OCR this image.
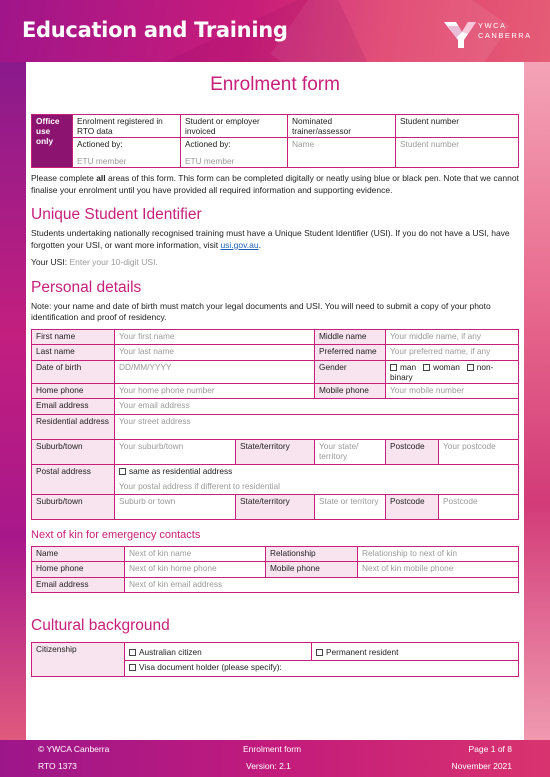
Education and Training	YWCA
CANBERRA
Enrolment form
Office use only	Enrolment registered in RTO data	Student or employer invoiced	Nominated trainer/assessor	Student number
	Actioned by:	Actioned by:	Name	Student number
	ETU member	ETU member		

Please complete all areas of this form. This form can be completed digitally or neatly using blue or black pen. Note that we cannot finalise your enrolment until you have provided all required information and supporting evidence.

Unique Student Identifier

Students undertaking nationally recognised training must have a Unique Student Identifier (USI). If you do not have a USI, have forgotten your USI, or want more information, visit usi.gov.au.

Your USI: Enter your 10-digit USI.

Personal details

Note: your name and date of birth must match your legal documents and USI. You will need to submit a copy of your photo identification and proof of residency.

First name	Your first name		Middle name	Your middle name, if any	
Last name	Your last name		Preferred name	Your preferred name, if any	
Date of birth	DD/MM/YYYY		Gender	man woman non-binary	
Home phone	Your home phone number		Mobile phone	Your mobile number	
Email address	Your email address				
Residential address	Your street address				
Suburb/town	Your suburb/town	State/territory	Your state/ territory	Postcode	Your postcode
Postal address	same as residential address
Your postal address if different to residential				

Suburb/town	Suburb or town	State/territory	State or territory	Postcode	Postcode
Next of kin for emergency contacts
Name	Next of kin name	Relationship	Relationship to next of kin
Home phone	Next of kin home phone	Mobile phone	Next of kin mobile phone
Email address	Next of kin email address		
Cultural background
Citizenship	Australian citizen	Permanent resident
Visa document holder (please specify):
© YWCA Canberra
RTO 1373
Enrolment form
Version: 2.1
Page 1 of 8
November 2021
